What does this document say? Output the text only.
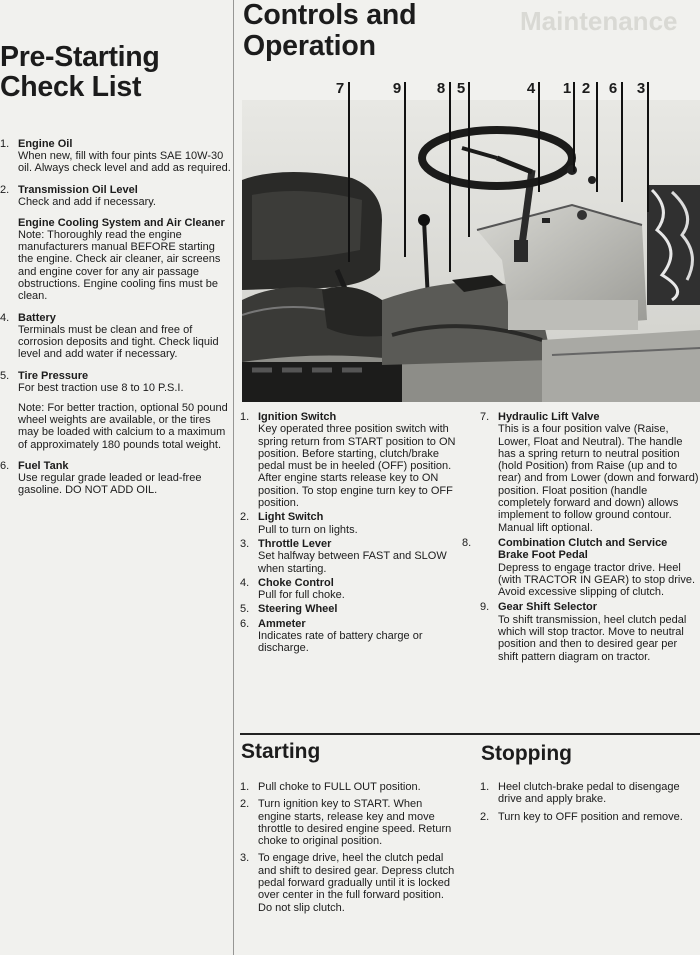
Pre-Starting
Check List
1. Engine Oil
When new, fill with four pints SAE 10W-30 oil. Always check level and add as required.
2. Transmission Oil Level
Check and add if necessary.
Engine Cooling System and Air Cleaner
Note: Thoroughly read the engine manufacturers manual BEFORE starting the engine. Check air cleaner, air screens and engine cover for any air passage obstructions. Engine cooling fins must be clean.
4. Battery
Terminals must be clean and free of corrosion deposits and tight. Check liquid level and add water if necessary.
5. Tire Pressure
For best traction use 8 to 10 P.S.I.
Note: For better traction, optional 50 pound wheel weights are available, or the tires may be loaded with calcium to a maximum of approximately 180 pounds total weight.
6. Fuel Tank
Use regular grade leaded or lead-free gasoline. DO NOT ADD OIL.
Maintenance
Controls and
Operation
7	9 8 5	4 1 2 6 3
1. Ignition Switch
Key operated three position switch with spring return from START position to ON position. Before starting, clutch/brake pedal must be in heeled (OFF) position. After engine starts release key to ON position. To stop engine turn key to OFF position.
2. Light Switch
Pull to turn on lights.
3. Throttle Lever
Set halfway between FAST and SLOW when starting.
4. Choke Control
Pull for full choke.
5. Steering Wheel
6. Ammeter
Indicates rate of battery charge or discharge.
7. Hydraulic Lift Valve
This is a four position valve (Raise, Lower, Float and Neutral). The handle has a spring return to neutral position (hold Position) from Raise (up and to rear) and from Lower (down and forward) position. Float position (handle completely forward and down) allows implement to follow ground contour. Manual lift optional.
8. Combination Clutch and Service Brake Foot Pedal
Depress to engage tractor drive. Heel (with TRACTOR IN GEAR) to stop drive. Avoid excessive slipping of clutch.
9. Gear Shift Selector
To shift transmission, heel clutch pedal which will stop tractor. Move to neutral position and then to desired gear per shift pattern diagram on tractor.
Starting
1. Pull choke to FULL OUT position.
2. Turn ignition key to START. When engine starts, release key and move throttle to desired engine speed. Return choke to original position.
3. To engage drive, heel the clutch pedal and shift to desired gear. Depress clutch pedal forward gradually until it is locked over center in the full forward position. Do not slip clutch.
Stopping
1. Heel clutch-brake pedal to disengage drive and apply brake.
2. Turn key to OFF position and remove.
